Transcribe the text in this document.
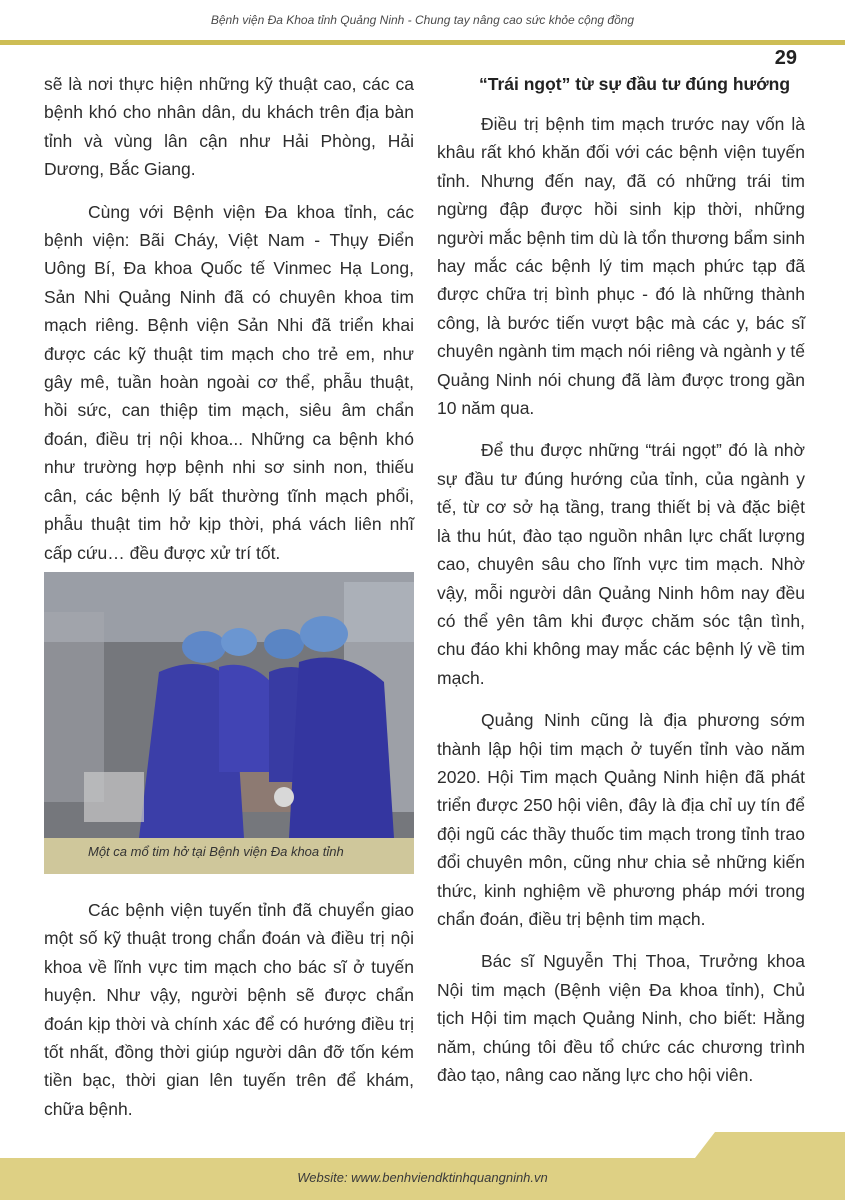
Bệnh viện Đa Khoa tỉnh Quảng Ninh - Chung tay nâng cao sức khỏe cộng đồng

sẽ là nơi thực hiện những kỹ thuật cao, các ca bệnh khó cho nhân dân, du khách trên địa bàn tỉnh và vùng lân cận như Hải Phòng, Hải Dương, Bắc Giang.

Cùng với Bệnh viện Đa khoa tỉnh, các bệnh viện: Bãi Cháy, Việt Nam - Thụy Điển Uông Bí, Đa khoa Quốc tế Vinmec Hạ Long, Sản Nhi Quảng Ninh đã có chuyên khoa tim mạch riêng. Bệnh viện Sản Nhi đã triển khai được các kỹ thuật tim mạch cho trẻ em, như gây mê, tuần hoàn ngoài cơ thể, phẫu thuật, hồi sức, can thiệp tim mạch, siêu âm chẩn đoán, điều trị nội khoa... Những ca bệnh khó như trường hợp bệnh nhi sơ sinh non, thiếu cân, các bệnh lý bất thường tĩnh mạch phổi, phẫu thuật tim hở kịp thời, phá vách liên nhĩ cấp cứu… đều được xử trí tốt.

Một ca mổ tim hở tại Bệnh viện Đa khoa tỉnh

Các bệnh viện tuyến tỉnh đã chuyển giao một số kỹ thuật trong chẩn đoán và điều trị nội khoa về lĩnh vực tim mạch cho bác sĩ ở tuyến huyện. Như vậy, người bệnh sẽ được chẩn đoán kịp thời và chính xác để có hướng điều trị tốt nhất, đồng thời giúp người dân đỡ tốn kém tiền bạc, thời gian lên tuyến trên để khám, chữa bệnh.

“Trái ngọt” từ sự đầu tư đúng hướng

Điều trị bệnh tim mạch trước nay vốn là khâu rất khó khăn đối với các bệnh viện tuyến tỉnh. Nhưng đến nay, đã có những trái tim ngừng đập được hồi sinh kịp thời, những người mắc bệnh tim dù là tổn thương bẩm sinh hay mắc các bệnh lý tim mạch phức tạp đã được chữa trị bình phục - đó là những thành công, là bước tiến vượt bậc mà các y, bác sĩ chuyên ngành tim mạch nói riêng và ngành y tế Quảng Ninh nói chung đã làm được trong gần 10 năm qua.

Để thu được những “trái ngọt” đó là nhờ sự đầu tư đúng hướng của tỉnh, của ngành y tế, từ cơ sở hạ tầng, trang thiết bị và đặc biệt là thu hút, đào tạo nguồn nhân lực chất lượng cao, chuyên sâu cho lĩnh vực tim mạch. Nhờ vậy, mỗi người dân Quảng Ninh hôm nay đều có thể yên tâm khi được chăm sóc tận tình, chu đáo khi không may mắc các bệnh lý về tim mạch.

Quảng Ninh cũng là địa phương sớm thành lập hội tim mạch ở tuyến tỉnh vào năm 2020. Hội Tim mạch Quảng Ninh hiện đã phát triển được 250 hội viên, đây là địa chỉ uy tín để đội ngũ các thầy thuốc tim mạch trong tỉnh trao đổi chuyên môn, cũng như chia sẻ những kiến thức, kinh nghiệm về phương pháp mới trong chẩn đoán, điều trị bệnh tim mạch.

Bác sĩ Nguyễn Thị Thoa, Trưởng khoa Nội tim mạch (Bệnh viện Đa khoa tỉnh), Chủ tịch Hội tim mạch Quảng Ninh, cho biết: Hằng năm, chúng tôi đều tổ chức các chương trình đào tạo, nâng cao năng lực cho hội viên.

29
Website: www.benhviendktinhquangninh.vn
